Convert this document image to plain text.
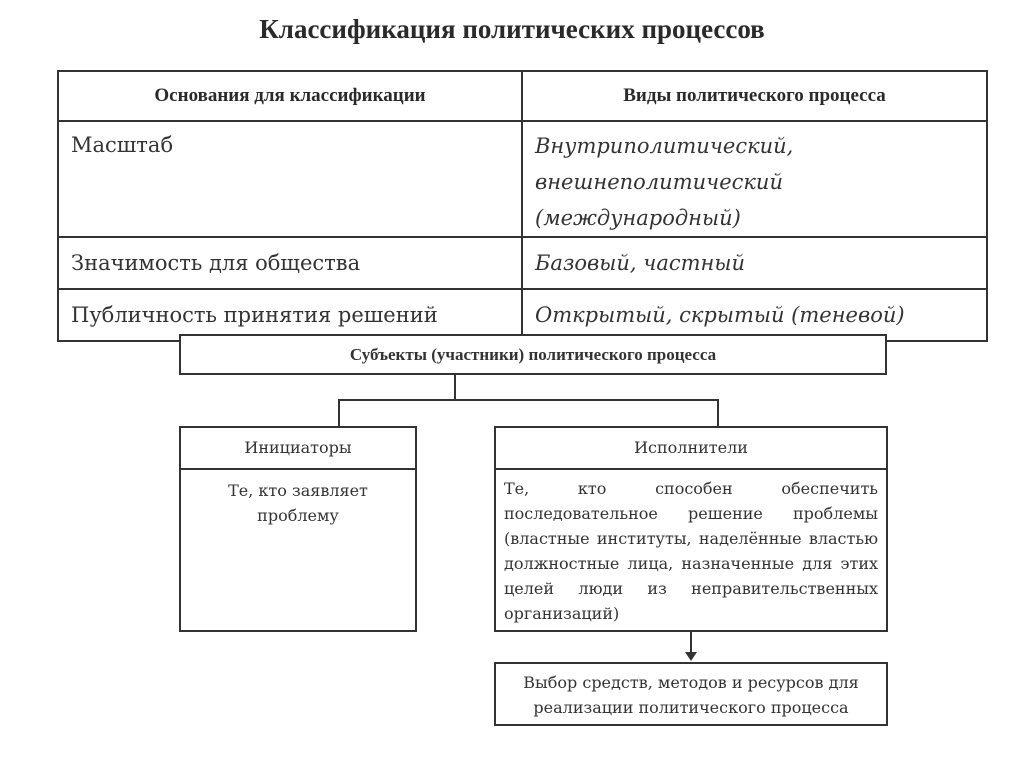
Классификация политических процессов
Основания для классификации	Виды политического процесса
Масштаб	Внутриполитический, внешнеполитический (международный)
Значимость для общества	Базовый, частный
Публичность принятия решений	Открытый, скрытый (теневой)
Субъекты (участники) политического процесса
Инициаторы
Те, кто заявляет проблему
Исполнители
Те, кто способен обеспечить последовательное решение проблемы (властные институты, наделённые властью должностные лица, назначенные для этих целей люди из неправительственных организаций)
Выбор средств, методов и ресурсов для реализации политического процесса
